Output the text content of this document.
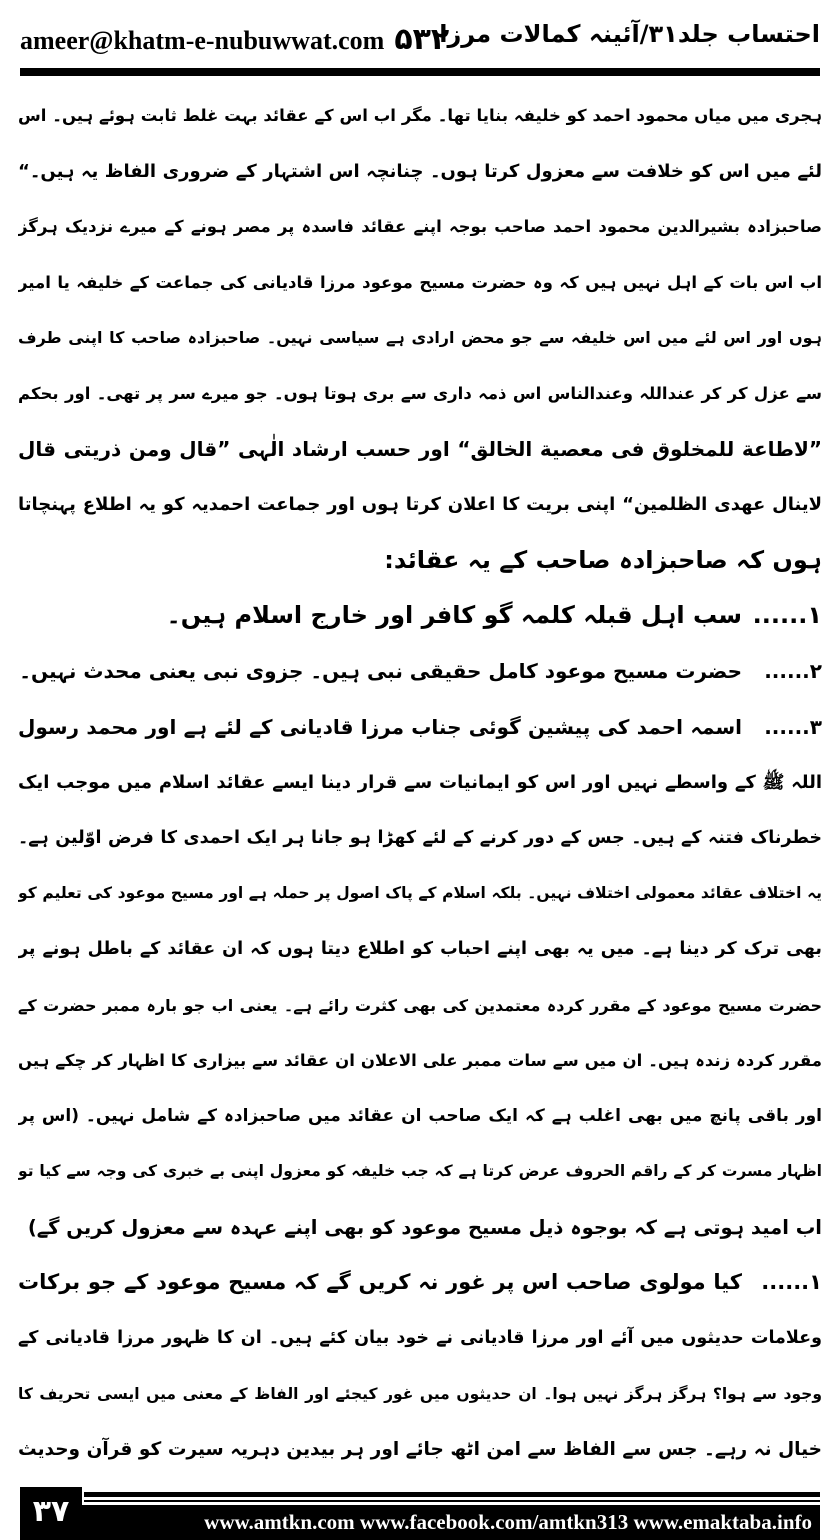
ameer@khatm-e-nubuwwat.com ۵۳۲
احتساب جلد۳۱/آئینہ کمالات مرزا
ہجری میں میاں محمود احمد کو خلیفہ بنایا تھا۔ مگر اب اس کے عقائد بہت غلط ثابت ہوئے ہیں۔ اس
لئے میں اس کو خلافت سے معزول کرتا ہوں۔ چنانچہ اس اشتہار کے ضروری الفاظ یہ ہیں۔“
صاحبزادہ بشیرالدین محمود احمد صاحب بوجہ اپنے عقائد فاسدہ پر مصر ہونے کے میرے نزدیک ہرگز
اب اس بات کے اہل نہیں ہیں کہ وہ حضرت مسیح موعود مرزا قادیانی کی جماعت کے خلیفہ یا امیر
ہوں اور اس لئے میں اس خلیفہ سے جو محض ارادی ہے سیاسی نہیں۔ صاحبزادہ صاحب کا اپنی طرف
سے عزل کر کر عنداللہ وعندالناس اس ذمہ داری سے بری ہوتا ہوں۔ جو میرے سر پر تھی۔ اور بحکم
”لاطاعة للمخلوق فی معصية الخالق“ اور حسب ارشاد الٰہی ”قال ومن ذریتی قال
لاینال عهدی الظلمین“ اپنی بریت کا اعلان کرتا ہوں اور جماعت احمدیہ کو یہ اطلاع پہنچاتا
ہوں کہ صاحبزادہ صاحب کے یہ عقائد:
۱......سب اہل قبلہ کلمہ گو کافر اور خارج اسلام ہیں۔
۲......حضرت مسیح موعود کامل حقیقی نبی ہیں۔ جزوی نبی یعنی محدث نہیں۔
۳......
اسمہ احمد کی پیشین گوئی جناب مرزا قادیانی کے لئے ہے اور محمد رسول
اللہ ﷺ کے واسطے نہیں اور اس کو ایمانیات سے قرار دینا ایسے عقائد اسلام میں موجب ایک
خطرناک فتنہ کے ہیں۔ جس کے دور کرنے کے لئے کھڑا ہو جانا ہر ایک احمدی کا فرض اوّلین ہے۔
یہ اختلاف عقائد معمولی اختلاف نہیں۔ بلکہ اسلام کے پاک اصول پر حملہ ہے اور مسیح موعود کی تعلیم کو
بھی ترک کر دینا ہے۔ میں یہ بھی اپنے احباب کو اطلاع دیتا ہوں کہ ان عقائد کے باطل ہونے پر
حضرت مسیح موعود کے مقرر کردہ معتمدین کی بھی کثرت رائے ہے۔ یعنی اب جو بارہ ممبر حضرت کے
مقرر کردہ زندہ ہیں۔ ان میں سے سات ممبر علی الاعلان ان عقائد سے بیزاری کا اظہار کر چکے ہیں
اور باقی پانچ میں بھی اغلب ہے کہ ایک صاحب ان عقائد میں صاحبزادہ کے شامل نہیں۔ (اس پر
اظہار مسرت کر کے راقم الحروف عرض کرتا ہے کہ جب خلیفہ کو معزول اپنی بے خبری کی وجہ سے کیا تو
اب امید ہوتی ہے کہ بوجوہ ذیل مسیح موعود کو بھی اپنے عہدہ سے معزول کریں گے)
۱......
کیا مولوی صاحب اس پر غور نہ کریں گے کہ مسیح موعود کے جو برکات
وعلامات حدیثوں میں آئے اور مرزا قادیانی نے خود بیان کئے ہیں۔ ان کا ظہور مرزا قادیانی کے
وجود سے ہوا؟ ہرگز ہرگز نہیں ہوا۔ ان حدیثوں میں غور کیجئے اور الفاظ کے معنی میں ایسی تحریف کا
خیال نہ رہے۔ جس سے الفاظ سے امن اٹھ جائے اور ہر بیدین دہریہ سیرت کو قرآن وحدیث
۳۷	www.amtkn.com www.facebook.com/amtkn313 www.emaktaba.info
